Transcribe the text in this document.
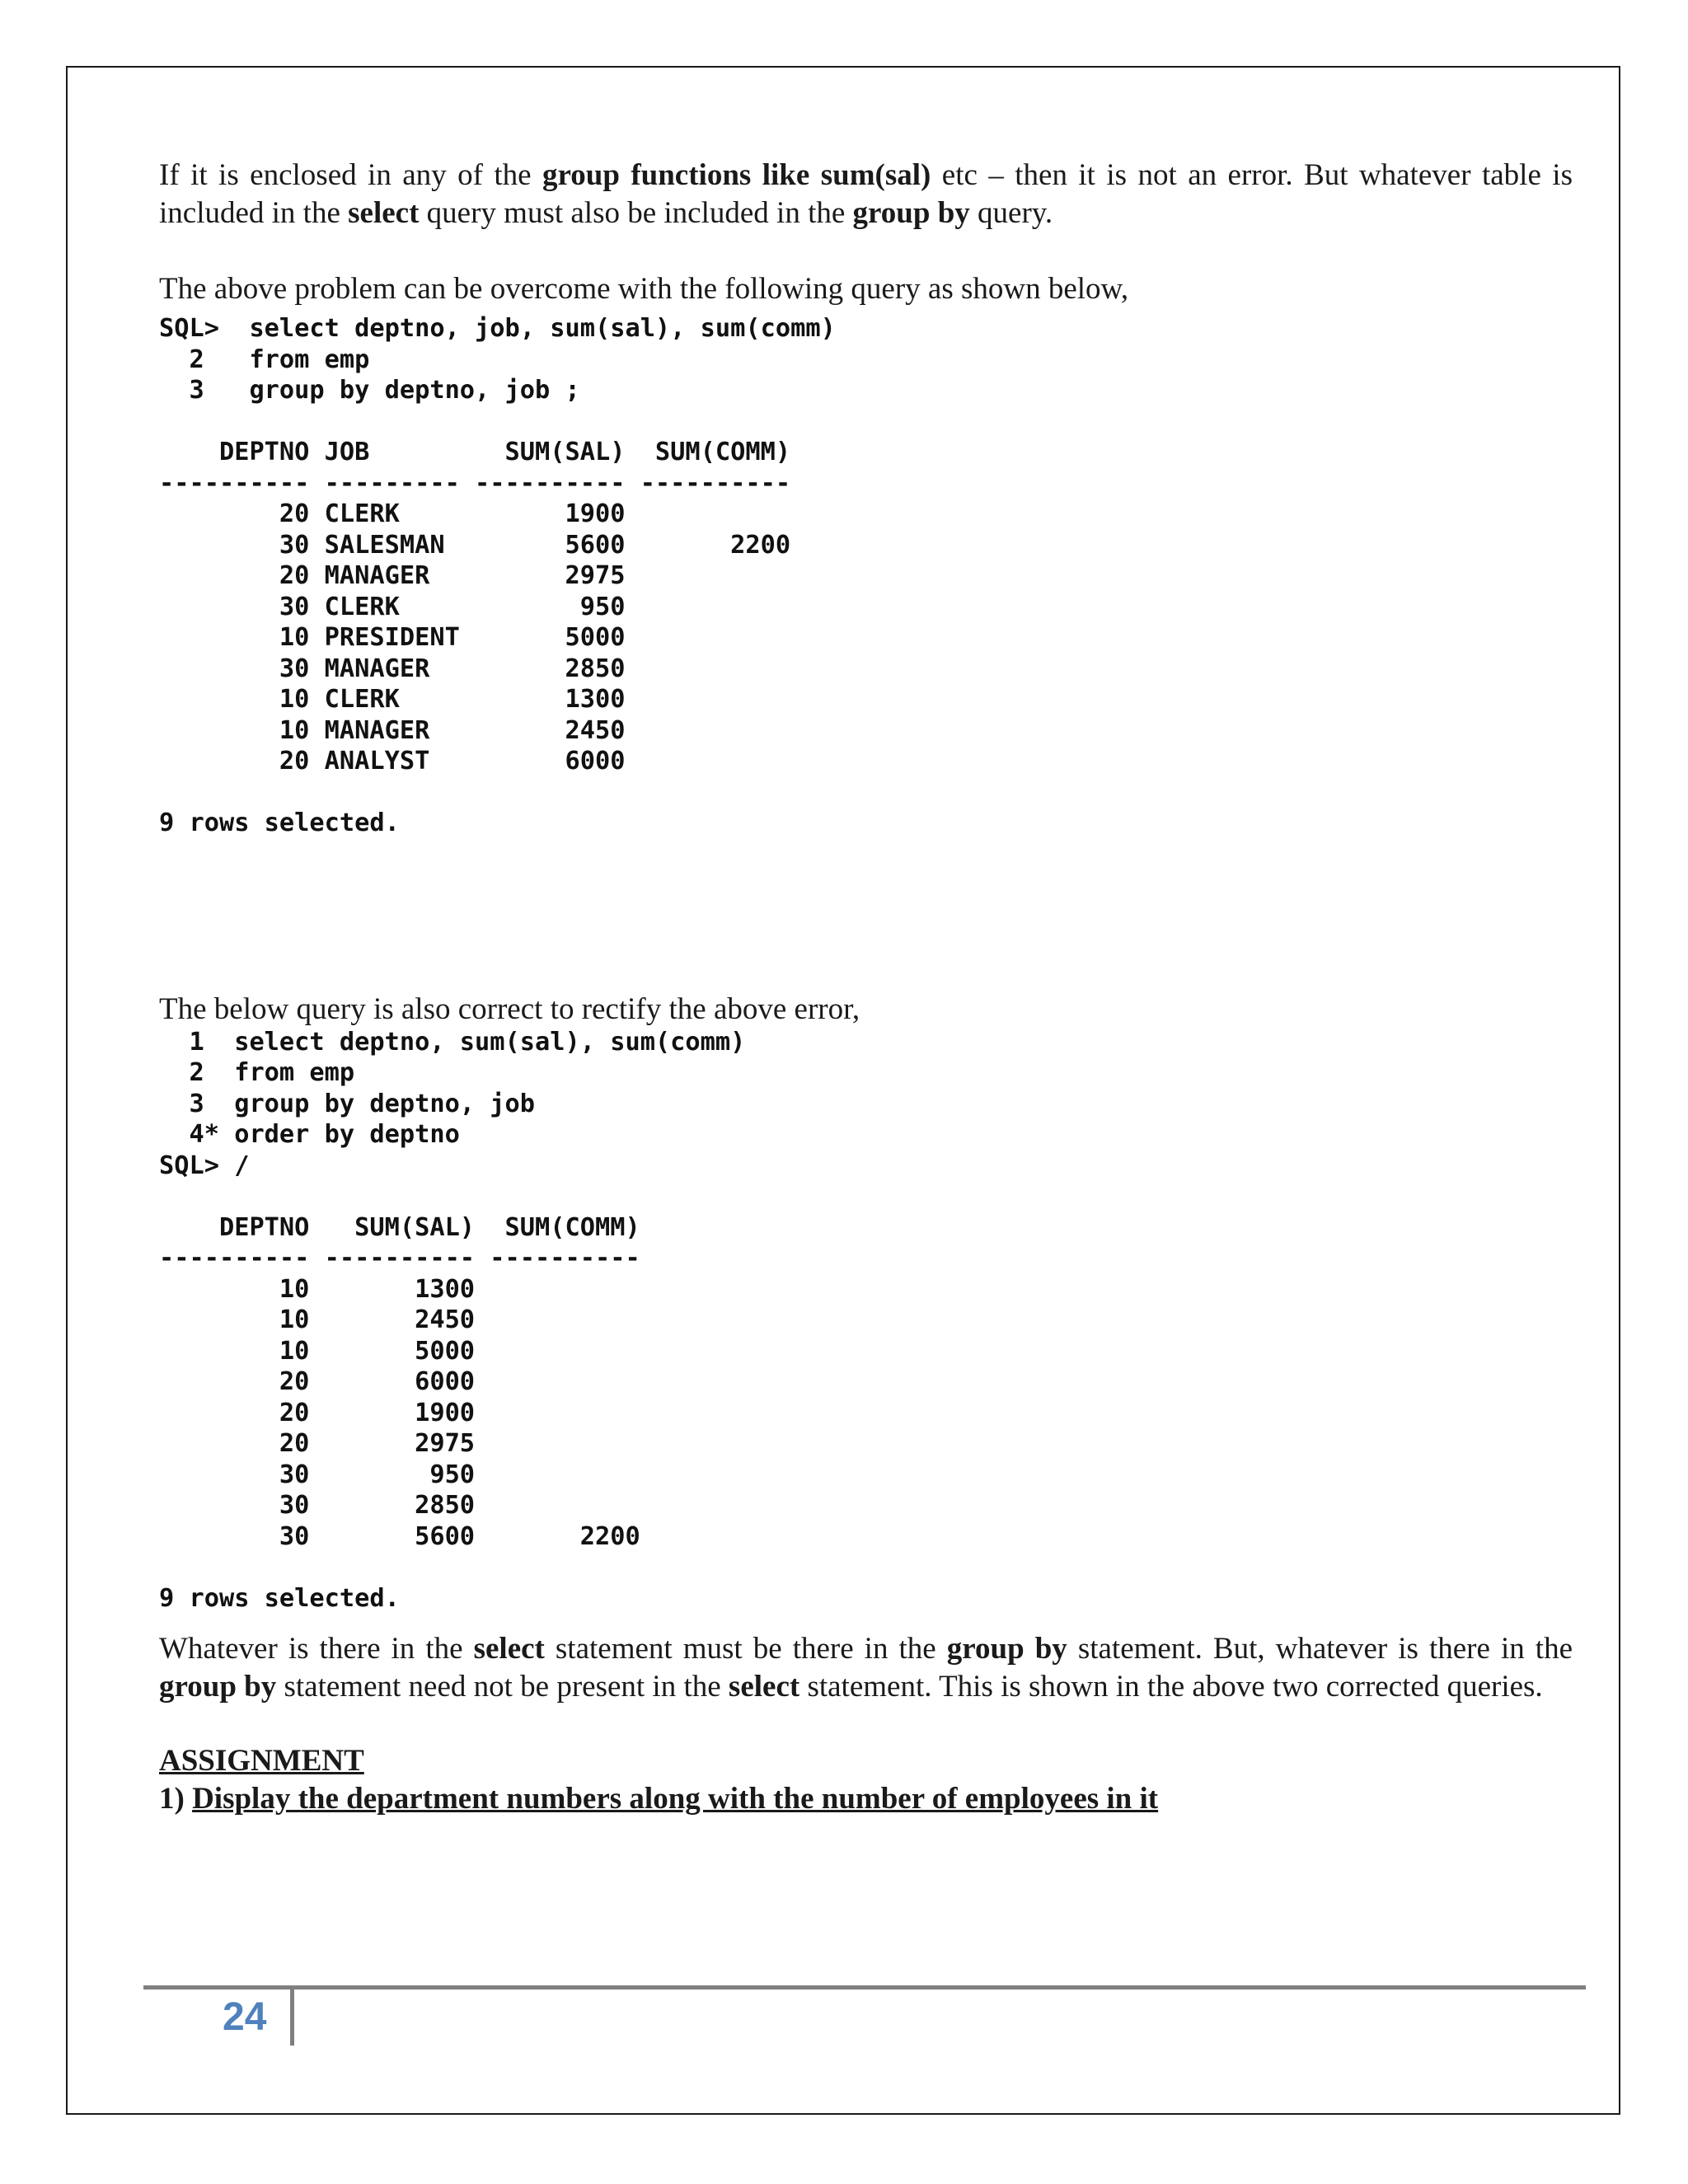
If it is enclosed in any of the group functions like sum(sal) etc – then it is not an error. But whatever table is included in the select query must also be included in the group by query.

The above problem can be overcome with the following query as shown below,

SQL>  select deptno, job, sum(sal), sum(comm)
2   from emp
3   group by deptno, job ;
DEPTNO JOB         SUM(SAL)  SUM(COMM)
---------- --------- ---------- ----------
20 CLERK           1900
30 SALESMAN        5600       2200
20 MANAGER         2975
30 CLERK            950
10 PRESIDENT       5000
30 MANAGER         2850
10 CLERK           1300
10 MANAGER         2450
20 ANALYST         6000
9 rows selected.

The below query is also correct to rectify the above error,

1  select deptno, sum(sal), sum(comm)
2  from emp
3  group by deptno, job
4* order by deptno
SQL> /
DEPTNO   SUM(SAL)  SUM(COMM)
---------- ---------- ----------
10       1300
10       2450
10       5000
20       6000
20       1900
20       2975
30        950
30       2850
30       5600       2200
9 rows selected.

Whatever is there in the select statement must be there in the group by statement. But, whatever is there in the group by statement need not be present in the select statement. This is shown in the above two corrected queries.

ASSIGNMENT

1) Display the department numbers along with the number of employees in it

24
